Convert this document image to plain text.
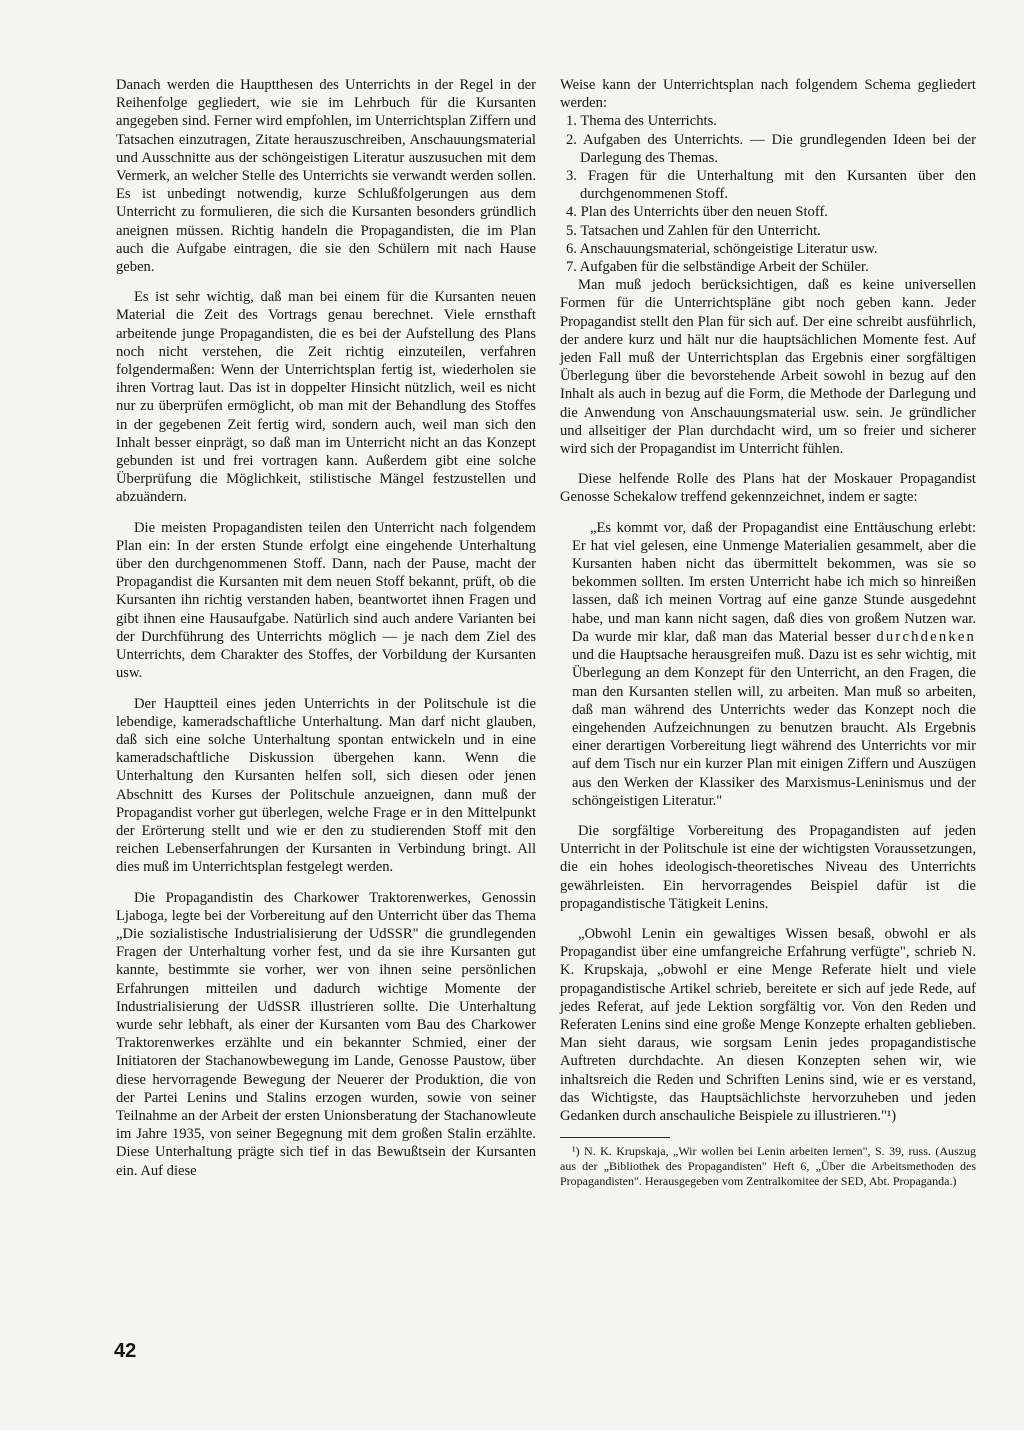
Danach werden die Hauptthesen des Unterrichts in der Regel in der Reihenfolge gegliedert, wie sie im Lehrbuch für die Kursanten angegeben sind. Ferner wird empfohlen, im Unterrichtsplan Ziffern und Tatsachen einzutragen, Zitate herauszuschreiben, Anschauungsmaterial und Ausschnitte aus der schöngeistigen Literatur auszusuchen mit dem Vermerk, an welcher Stelle des Unterrichts sie verwandt werden sollen. Es ist unbedingt notwendig, kurze Schlußfolgerungen aus dem Unterricht zu formulieren, die sich die Kursanten besonders gründlich aneignen müssen. Richtig handeln die Propagandisten, die im Plan auch die Aufgabe eintragen, die sie den Schülern mit nach Hause geben.

Es ist sehr wichtig, daß man bei einem für die Kursanten neuen Material die Zeit des Vortrags genau berechnet. Viele ernsthaft arbeitende junge Propagandisten, die es bei der Aufstellung des Plans noch nicht verstehen, die Zeit richtig einzuteilen, verfahren folgendermaßen: Wenn der Unterrichtsplan fertig ist, wiederholen sie ihren Vortrag laut. Das ist in doppelter Hinsicht nützlich, weil es nicht nur zu überprüfen ermöglicht, ob man mit der Behandlung des Stoffes in der gegebenen Zeit fertig wird, sondern auch, weil man sich den Inhalt besser einprägt, so daß man im Unterricht nicht an das Konzept gebunden ist und frei vortragen kann. Außerdem gibt eine solche Überprüfung die Möglichkeit, stilistische Mängel festzustellen und abzuändern.

Die meisten Propagandisten teilen den Unterricht nach folgendem Plan ein: In der ersten Stunde erfolgt eine eingehende Unterhaltung über den durchgenommenen Stoff. Dann, nach der Pause, macht der Propagandist die Kursanten mit dem neuen Stoff bekannt, prüft, ob die Kursanten ihn richtig verstanden haben, beantwortet ihnen Fragen und gibt ihnen eine Hausaufgabe. Natürlich sind auch andere Varianten bei der Durchführung des Unterrichts möglich — je nach dem Ziel des Unterrichts, dem Charakter des Stoffes, der Vorbildung der Kursanten usw.

Der Hauptteil eines jeden Unterrichts in der Politschule ist die lebendige, kameradschaftliche Unterhaltung. Man darf nicht glauben, daß sich eine solche Unterhaltung spontan entwickeln und in eine kameradschaftliche Diskussion übergehen kann. Wenn die Unterhaltung den Kursanten helfen soll, sich diesen oder jenen Abschnitt des Kurses der Politschule anzueignen, dann muß der Propagandist vorher gut überlegen, welche Frage er in den Mittelpunkt der Erörterung stellt und wie er den zu studierenden Stoff mit den reichen Lebenserfahrungen der Kursanten in Verbindung bringt. All dies muß im Unterrichtsplan festgelegt werden.

Die Propagandistin des Charkower Traktorenwerkes, Genossin Ljaboga, legte bei der Vorbereitung auf den Unterricht über das Thema „Die sozialistische Industrialisierung der UdSSR" die grundlegenden Fragen der Unterhaltung vorher fest, und da sie ihre Kursanten gut kannte, bestimmte sie vorher, wer von ihnen seine persönlichen Erfahrungen mitteilen und dadurch wichtige Momente der Industrialisierung der UdSSR illustrieren sollte. Die Unterhaltung wurde sehr lebhaft, als einer der Kursanten vom Bau des Charkower Traktorenwerkes erzählte und ein bekannter Schmied, einer der Initiatoren der Stachanowbewegung im Lande, Genosse Paustow, über diese hervorragende Bewegung der Neuerer der Produktion, die von der Partei Lenins und Stalins erzogen wurden, sowie von seiner Teilnahme an der Arbeit der ersten Unionsberatung der Stachanowleute im Jahre 1935, von seiner Begegnung mit dem großen Stalin erzählte. Diese Unterhaltung prägte sich tief in das Bewußtsein der Kursanten ein. Auf diese

Weise kann der Unterrichtsplan nach folgendem Schema gegliedert werden:

1. Thema des Unterrichts.
2. Aufgaben des Unterrichts. — Die grundlegenden Ideen bei der Darlegung des Themas.
3. Fragen für die Unterhaltung mit den Kursanten über den durchgenommenen Stoff.
4. Plan des Unterrichts über den neuen Stoff.
5. Tatsachen und Zahlen für den Unterricht.
6. Anschauungsmaterial, schöngeistige Literatur usw.
7. Aufgaben für die selbständige Arbeit der Schüler.

Man muß jedoch berücksichtigen, daß es keine universellen Formen für die Unterrichtspläne gibt noch geben kann. Jeder Propagandist stellt den Plan für sich auf. Der eine schreibt ausführlich, der andere kurz und hält nur die hauptsächlichen Momente fest. Auf jeden Fall muß der Unterrichtsplan das Ergebnis einer sorgfältigen Überlegung über die bevorstehende Arbeit sowohl in bezug auf den Inhalt als auch in bezug auf die Form, die Methode der Darlegung und die Anwendung von Anschauungsmaterial usw. sein. Je gründlicher und allseitiger der Plan durchdacht wird, um so freier und sicherer wird sich der Propagandist im Unterricht fühlen.

Diese helfende Rolle des Plans hat der Moskauer Propagandist Genosse Schekalow treffend gekennzeichnet, indem er sagte:

„Es kommt vor, daß der Propagandist eine Enttäuschung erlebt: Er hat viel gelesen, eine Unmenge Materialien gesammelt, aber die Kursanten haben nicht das übermittelt bekommen, was sie so bekommen sollten. Im ersten Unterricht habe ich mich so hinreißen lassen, daß ich meinen Vortrag auf eine ganze Stunde ausgedehnt habe, und man kann nicht sagen, daß dies von großem Nutzen war. Da wurde mir klar, daß man das Material besser durchdenken und die Hauptsache herausgreifen muß. Dazu ist es sehr wichtig, mit Überlegung an dem Konzept für den Unterricht, an den Fragen, die man den Kursanten stellen will, zu arbeiten. Man muß so arbeiten, daß man während des Unterrichts weder das Konzept noch die eingehenden Aufzeichnungen zu benutzen braucht. Als Ergebnis einer derartigen Vorbereitung liegt während des Unterrichts vor mir auf dem Tisch nur ein kurzer Plan mit einigen Ziffern und Auszügen aus den Werken der Klassiker des Marxismus-Leninismus und der schöngeistigen Literatur."

Die sorgfältige Vorbereitung des Propagandisten auf jeden Unterricht in der Politschule ist eine der wichtigsten Voraussetzungen, die ein hohes ideologisch-theoretisches Niveau des Unterrichts gewährleisten. Ein hervorragendes Beispiel dafür ist die propagandistische Tätigkeit Lenins.

„Obwohl Lenin ein gewaltiges Wissen besaß, obwohl er als Propagandist über eine umfangreiche Erfahrung verfügte", schrieb N. K. Krupskaja, „obwohl er eine Menge Referate hielt und viele propagandistische Artikel schrieb, bereitete er sich auf jede Rede, auf jedes Referat, auf jede Lektion sorgfältig vor. Von den Reden und Referaten Lenins sind eine große Menge Konzepte erhalten geblieben. Man sieht daraus, wie sorgsam Lenin jedes propagandistische Auftreten durchdachte. An diesen Konzepten sehen wir, wie inhaltsreich die Reden und Schriften Lenins sind, wie er es verstand, das Wichtigste, das Hauptsächlichste hervorzuheben und jeden Gedanken durch anschauliche Beispiele zu illustrieren."¹)

¹) N. K. Krupskaja, „Wir wollen bei Lenin arbeiten lernen", S. 39, russ. (Auszug aus der „Bibliothek des Propagandisten" Heft 6, „Über die Arbeitsmethoden des Propagandisten". Herausgegeben vom Zentralkomitee der SED, Abt. Propaganda.)

42
